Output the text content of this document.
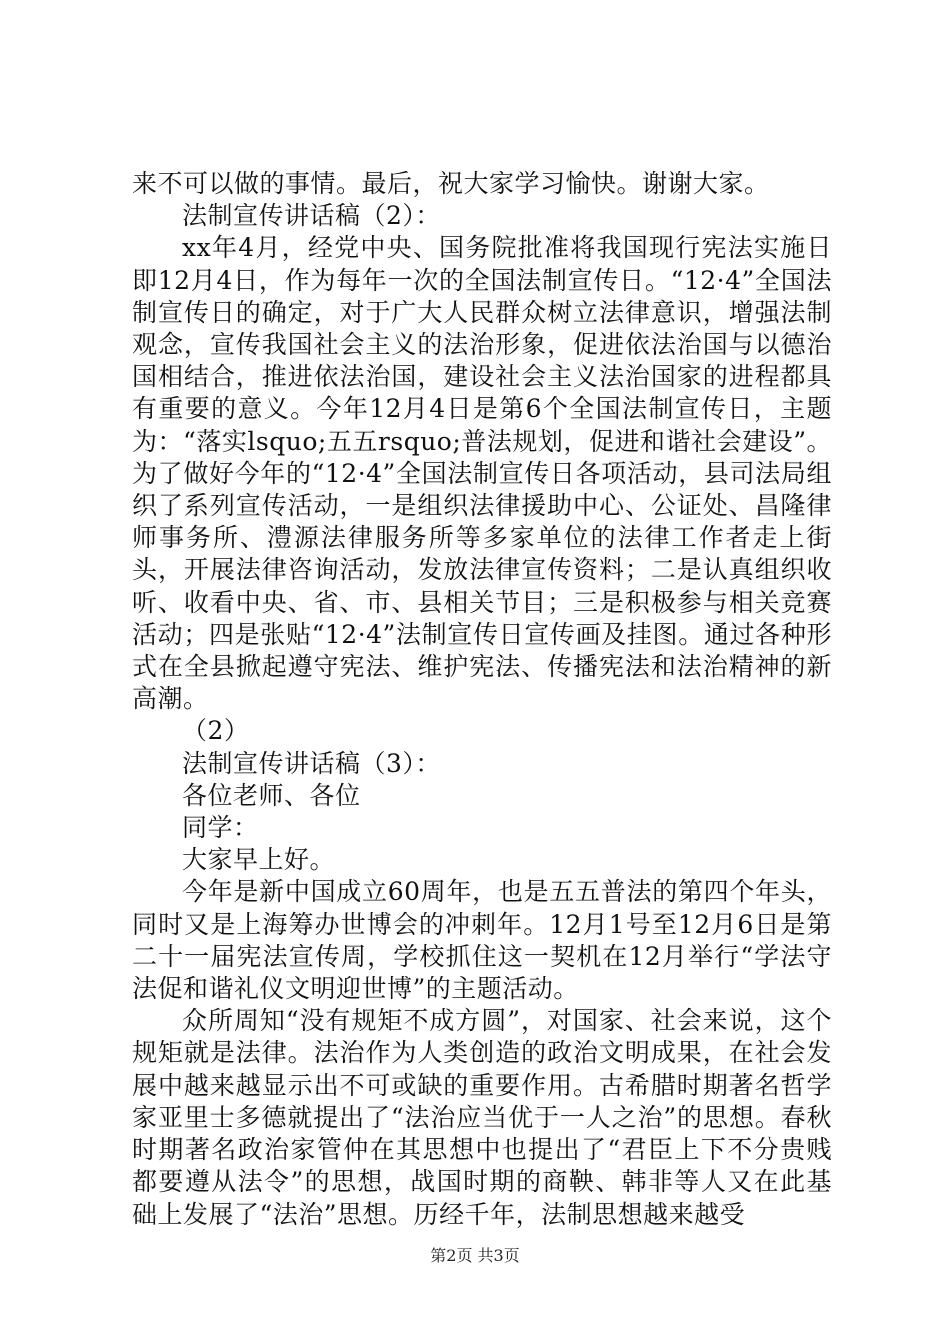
来不可以做的事情。最后，祝大家学习愉快。谢谢大家。

法制宣传讲话稿（2）：

xx年4月，经党中央、国务院批准将我国现行宪法实施日即12月4日，作为每年一次的全国法制宣传日。“12·4”全国法制宣传日的确定，对于广大人民群众树立法律意识，增强法制观念，宣传我国社会主义的法治形象，促进依法治国与以德治国相结合，推进依法治国，建设社会主义法治国家的进程都具有重要的意义。今年12月4日是第6个全国法制宣传日，主题为：“落实lsquo;五五rsquo;普法规划，促进和谐社会建设”。为了做好今年的“12·4”全国法制宣传日各项活动，县司法局组织了系列宣传活动，一是组织法律援助中心、公证处、昌隆律师事务所、澧源法律服务所等多家单位的法律工作者走上街头，开展法律咨询活动，发放法律宣传资料；二是认真组织收听、收看中央、省、市、县相关节目；三是积极参与相关竞赛活动；四是张贴“12·4”法制宣传日宣传画及挂图。通过各种形式在全县掀起遵守宪法、维护宪法、传播宪法和法治精神的新高潮。

（2）

法制宣传讲话稿（3）：

各位老师、各位

同学：

大家早上好。

今年是新中国成立60周年，也是五五普法的第四个年头，同时又是上海筹办世博会的冲刺年。12月1号至12月6日是第二十一届宪法宣传周，学校抓住这一契机在12月举行“学法守法促和谐礼仪文明迎世博”的主题活动。

众所周知“没有规矩不成方圆”，对国家、社会来说，这个规矩就是法律。法治作为人类创造的政治文明成果，在社会发展中越来越显示出不可或缺的重要作用。古希腊时期著名哲学家亚里士多德就提出了“法治应当优于一人之治”的思想。春秋时期著名政治家管仲在其思想中也提出了“君臣上下不分贵贱都要遵从法令”的思想，战国时期的商鞅、韩非等人又在此基础上发展了“法治”思想。历经千年，法制思想越来越受

第2页 共3页
